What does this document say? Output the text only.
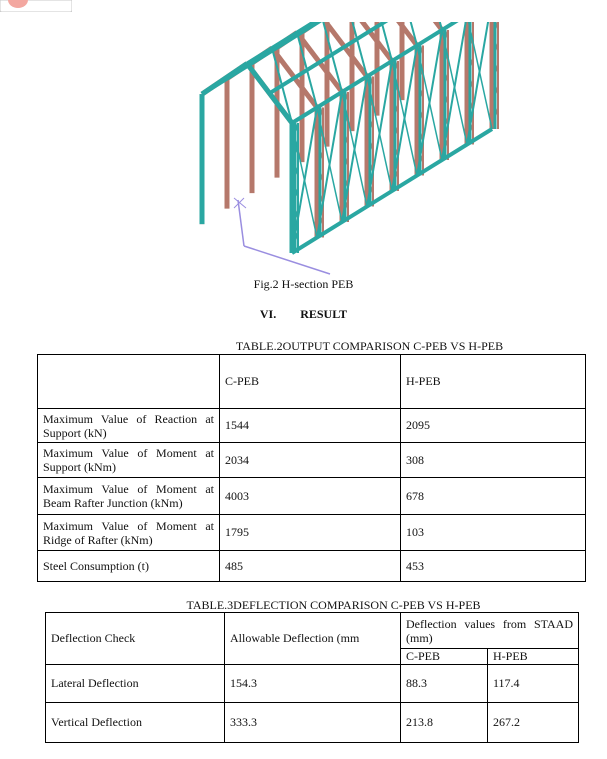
Fig.2 H-section PEB
VI. RESULT
TABLE.2OUTPUT COMPARISON C-PEB VS H-PEB
	C-PEB	H-PEB

Maximum Value of Reaction at
Support (kN)	1544	2095

Maximum Value of Moment at
Support (kNm)	2034	308

Maximum Value of Moment at
Beam Rafter Junction (kNm)	4003	678

Maximum Value of Moment at
Ridge of Rafter (kNm)	1795	103
Steel Consumption (t)	485	453
TABLE.3DEFLECTION COMPARISON C-PEB VS H-PEB
Deflection Check	Allowable Deflection (mm	Deflection values from STAAD
(mm)	
		C-PEB	H-PEB
Lateral Deflection	154.3	88.3	117.4
Vertical Deflection	333.3	213.8	267.2
